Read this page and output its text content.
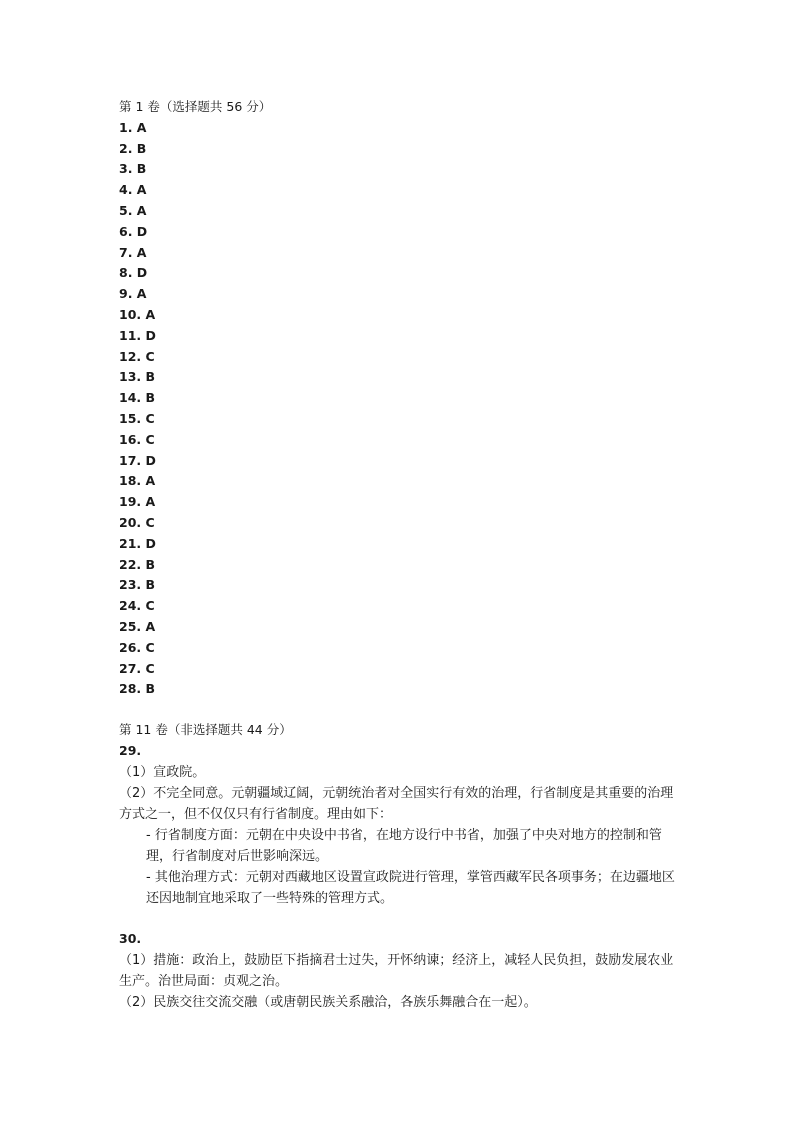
第 1 卷（选择题共 56 分）
1. A
2. B
3. B
4. A
5. A
6. D
7. A
8. D
9. A
10. A
11. D
12. C
13. B
14. B
15. C
16. C
17. D
18. A
19. A
20. C
21. D
22. B
23. B
24. C
25. A
26. C
27. C
28. B
第 11 卷（非选择题共 44 分）
29.
（1）宣政院。
（2）不完全同意。元朝疆域辽阔，元朝统治者对全国实行有效的治理，行省制度是其重要的治理方式之一，但不仅仅只有行省制度。理由如下：
- 行省制度方面：元朝在中央设中书省，在地方设行中书省，加强了中央对地方的控制和管理，行省制度对后世影响深远。
- 其他治理方式：元朝对西藏地区设置宣政院进行管理，掌管西藏军民各项事务；在边疆地区还因地制宜地采取了一些特殊的管理方式。
30.
（1）措施：政治上，鼓励臣下指摘君士过失，开怀纳谏；经济上，减轻人民负担，鼓励发展农业生产。治世局面：贞观之治。
（2）民族交往交流交融（或唐朝民族关系融洽，各族乐舞融合在一起）。
